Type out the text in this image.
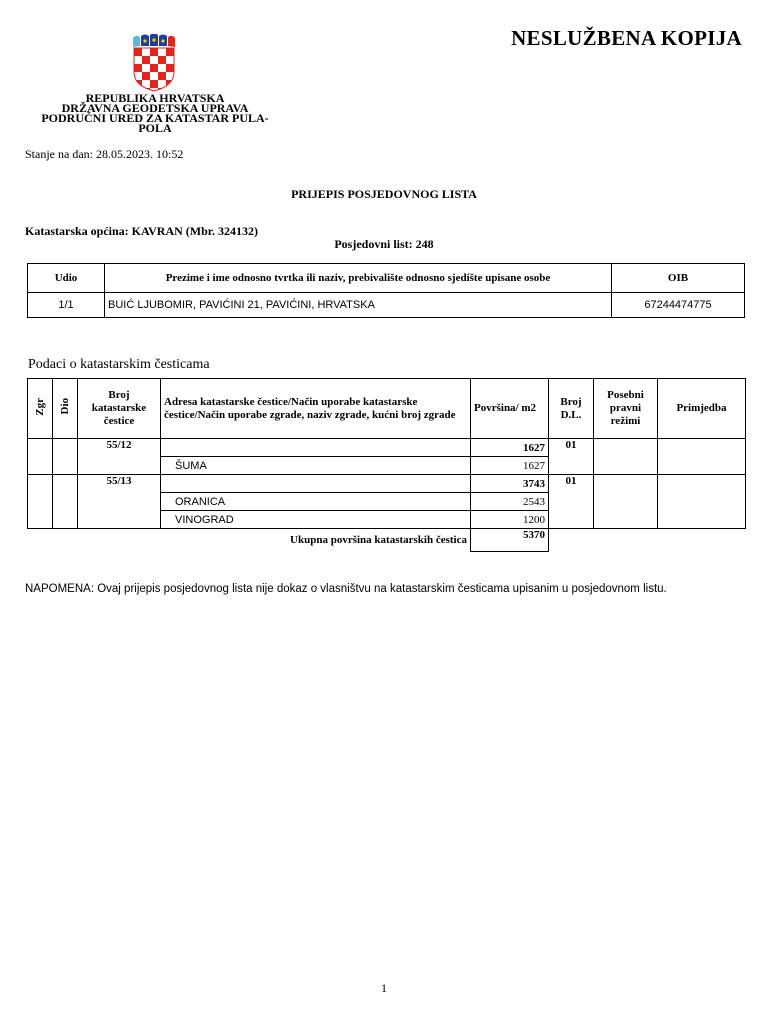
NESLUŽBENA KOPIJA
REPUBLIKA HRVATSKA
DRŽAVNA GEODETSKA UPRAVA
PODRUČNI URED ZA KATASTAR PULA-POLA
Stanje na dan: 28.05.2023. 10:52
PRIJEPIS POSJEDOVNOG LISTA
Katastarska općina: KAVRAN (Mbr. 324132)
Posjedovni list: 248
Udio	Prezime i ime odnosno tvrtka ili naziv, prebivalište odnosno sjedište upisane osobe	OIB
1/1	BUIĆ LJUBOMIR, PAVIĆINI 21, PAVIĆINI, HRVATSKA	67244474775
Podaci o katastarskim česticama
Zgr	Dio	Broj katastarske čestice	Adresa katastarske čestice/Način uporabe katastarske čestice/Način uporabe zgrade, naziv zgrade, kućni broj zgrade	Površina/ m2	Broj D.L.	Posebni pravni režimi	Primjedba
		55/12		1627	01		
			ŠUMA	1627			
		55/13		3743	01		
			ORANICA	2543			
			VINOGRAD	1200			
Ukupna površina katastarskih čestica				5370			
NAPOMENA: Ovaj prijepis posjedovnog lista nije dokaz o vlasništvu na katastarskim česticama upisanim u posjedovnom listu.
1
